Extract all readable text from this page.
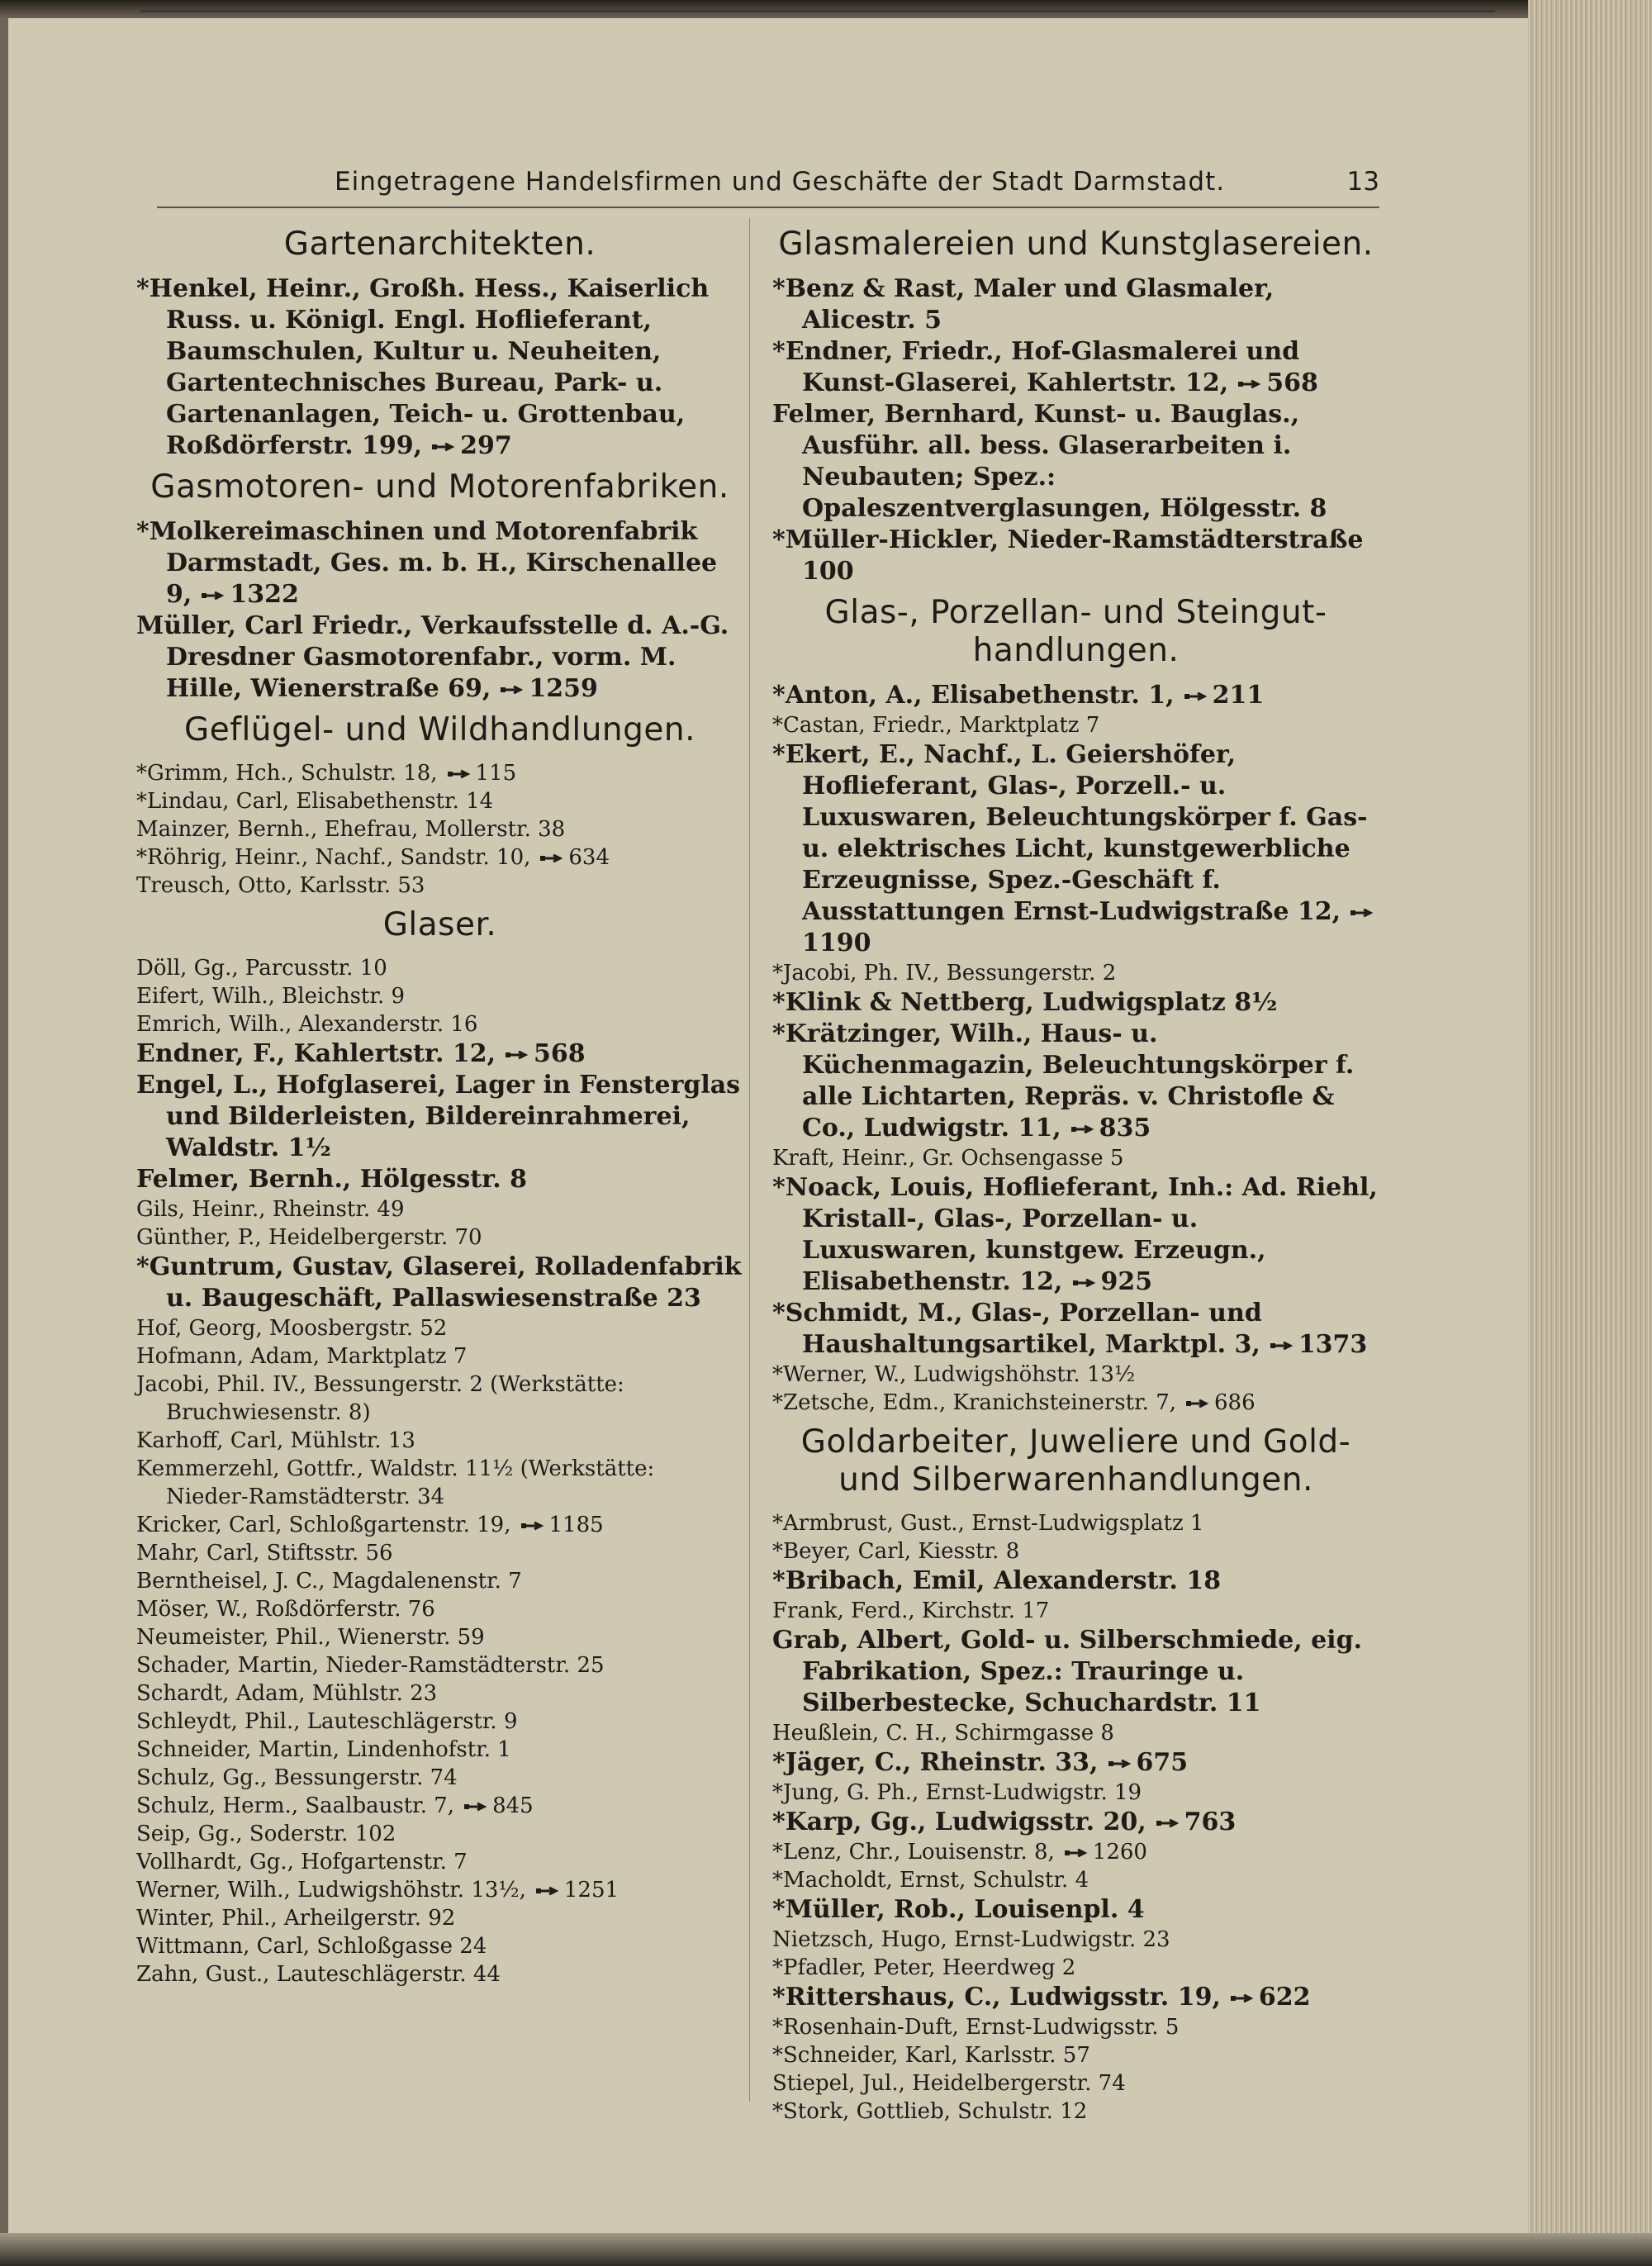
Eingetragene Handelsfirmen und Geschäfte der Stadt Darmstadt.	13
Gartenarchitekten.

*Henkel, Heinr., Großh. Hess., Kaiserlich Russ. u. Königl. Engl. Hoflieferant, Baumschulen, Kultur u. Neuheiten, Gartentechnisches Bureau, Park- u. Gartenanlagen, Teich- u. Grottenbau, Roßdörferstr. 199, 297

Gasmotoren- und Motorenfabriken.

*Molkereimaschinen und Motorenfabrik Darmstadt, Ges. m. b. H., Kirschenallee 9, 1322

Müller, Carl Friedr., Verkaufsstelle d. A.-G. Dresdner Gasmotorenfabr., vorm. M. Hille, Wienerstraße 69, 1259

Geflügel- und Wildhandlungen.

*Grimm, Hch., Schulstr. 18, 115

*Lindau, Carl, Elisabethenstr. 14

Mainzer, Bernh., Ehefrau, Mollerstr. 38

*Röhrig, Heinr., Nachf., Sandstr. 10, 634

Treusch, Otto, Karlsstr. 53

Glaser.

Döll, Gg., Parcusstr. 10

Eifert, Wilh., Bleichstr. 9

Emrich, Wilh., Alexanderstr. 16

Endner, F., Kahlertstr. 12, 568

Engel, L., Hofglaserei, Lager in Fensterglas und Bilderleisten, Bildereinrahmerei, Waldstr. 1½

Felmer, Bernh., Hölgesstr. 8

Gils, Heinr., Rheinstr. 49

Günther, P., Heidelbergerstr. 70

*Guntrum, Gustav, Glaserei, Rolladenfabrik u. Baugeschäft, Pallaswiesenstraße 23

Hof, Georg, Moosbergstr. 52

Hofmann, Adam, Marktplatz 7

Jacobi, Phil. IV., Bessungerstr. 2 (Werkstätte: Bruchwiesenstr. 8)

Karhoff, Carl, Mühlstr. 13

Kemmerzehl, Gottfr., Waldstr. 11½ (Werkstätte: Nieder-Ramstädterstr. 34

Kricker, Carl, Schloßgartenstr. 19, 1185

Mahr, Carl, Stiftsstr. 56

Berntheisel, J. C., Magdalenenstr. 7

Möser, W., Roßdörferstr. 76

Neumeister, Phil., Wienerstr. 59

Schader, Martin, Nieder-Ramstädterstr. 25

Schardt, Adam, Mühlstr. 23

Schleydt, Phil., Lauteschlägerstr. 9

Schneider, Martin, Lindenhofstr. 1

Schulz, Gg., Bessungerstr. 74

Schulz, Herm., Saalbaustr. 7, 845

Seip, Gg., Soderstr. 102

Vollhardt, Gg., Hofgartenstr. 7

Werner, Wilh., Ludwigshöhstr. 13½, 1251

Winter, Phil., Arheilgerstr. 92

Wittmann, Carl, Schloßgasse 24

Zahn, Gust., Lauteschlägerstr. 44

Glasmalereien und Kunstglasereien.

*Benz & Rast, Maler und Glasmaler, Alicestr. 5

*Endner, Friedr., Hof-Glasmalerei und Kunst-Glaserei, Kahlertstr. 12, 568

Felmer, Bernhard, Kunst- u. Bauglas., Ausführ. all. bess. Glaserarbeiten i. Neubauten; Spez.: Opaleszentverglasungen, Hölgesstr. 8

*Müller-Hickler, Nieder-Ramstädterstraße 100

Glas-, Porzellan- und Steingut-handlungen.

*Anton, A., Elisabethenstr. 1, 211

*Castan, Friedr., Marktplatz 7

*Ekert, E., Nachf., L. Geiershöfer, Hoflieferant, Glas-, Porzell.- u. Luxuswaren, Beleuchtungskörper f. Gas- u. elektrisches Licht, kunstgewerbliche Erzeugnisse, Spez.-Geschäft f. Ausstattungen Ernst-Ludwigstraße 12,1190

*Jacobi, Ph. IV., Bessungerstr. 2

*Klink & Nettberg, Ludwigsplatz 8½

*Krätzinger, Wilh., Haus- u. Küchenmagazin, Beleuchtungskörper f. alle Lichtarten, Repräs. v. Christofle & Co., Ludwigstr. 11, 835

Kraft, Heinr., Gr. Ochsengasse 5

*Noack, Louis, Hoflieferant, Inh.: Ad. Riehl, Kristall-, Glas-, Porzellan- u. Luxuswaren, kunstgew. Erzeugn., Elisabethenstr. 12, 925

*Schmidt, M., Glas-, Porzellan- und Haushaltungsartikel, Marktpl. 3, 1373

*Werner, W., Ludwigshöhstr. 13½

*Zetsche, Edm., Kranichsteinerstr. 7, 686

Goldarbeiter, Juweliere und Gold- und Silberwarenhandlungen.

*Armbrust, Gust., Ernst-Ludwigsplatz 1

*Beyer, Carl, Kiesstr. 8

*Bribach, Emil, Alexanderstr. 18

Frank, Ferd., Kirchstr. 17

Grab, Albert, Gold- u. Silberschmiede, eig. Fabrikation, Spez.: Trauringe u. Silberbestecke, Schuchardstr. 11

Heußlein, C. H., Schirmgasse 8

*Jäger, C., Rheinstr. 33, 675

*Jung, G. Ph., Ernst-Ludwigstr. 19

*Karp, Gg., Ludwigsstr. 20, 763

*Lenz, Chr., Louisenstr. 8, 1260

*Macholdt, Ernst, Schulstr. 4

*Müller, Rob., Louisenpl. 4

Nietzsch, Hugo, Ernst-Ludwigstr. 23

*Pfadler, Peter, Heerdweg 2

*Rittershaus, C., Ludwigsstr. 19, 622

*Rosenhain-Duft, Ernst-Ludwigsstr. 5

*Schneider, Karl, Karlsstr. 57

Stiepel, Jul., Heidelbergerstr. 74

*Stork, Gottlieb, Schulstr. 12
